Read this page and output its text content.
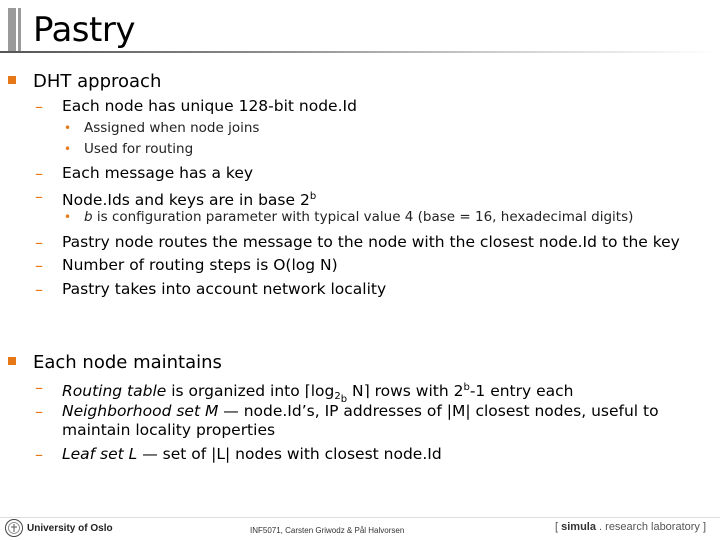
Pastry
DHT approach
– Each node has unique 128-bit node.Id
• Assigned when node joins
• Used for routing
– Each message has a key
– Node.Ids and keys are in base 2$^b$
• b is configuration parameter with typical value 4 (base = 16, hexadecimal digits)
– Pastry node routes the message to the node with the closest node.Id to the key
– Number of routing steps is O(log N)
– Pastry takes into account network locality
Each node maintains
– Routing table is organized into $⌈\log_{2b}$ N⌉ rows with 2$^b$-1 entry each
– Neighborhood set M — node.Id’s, IP addresses of |M| closest nodes, useful to
maintain locality properties
– Leaf set L — set of |L| nodes with closest node.Id
University of Oslo	INF5071, Carsten Griwodz & Pål Halvorsen	[ simula . research laboratory ]
